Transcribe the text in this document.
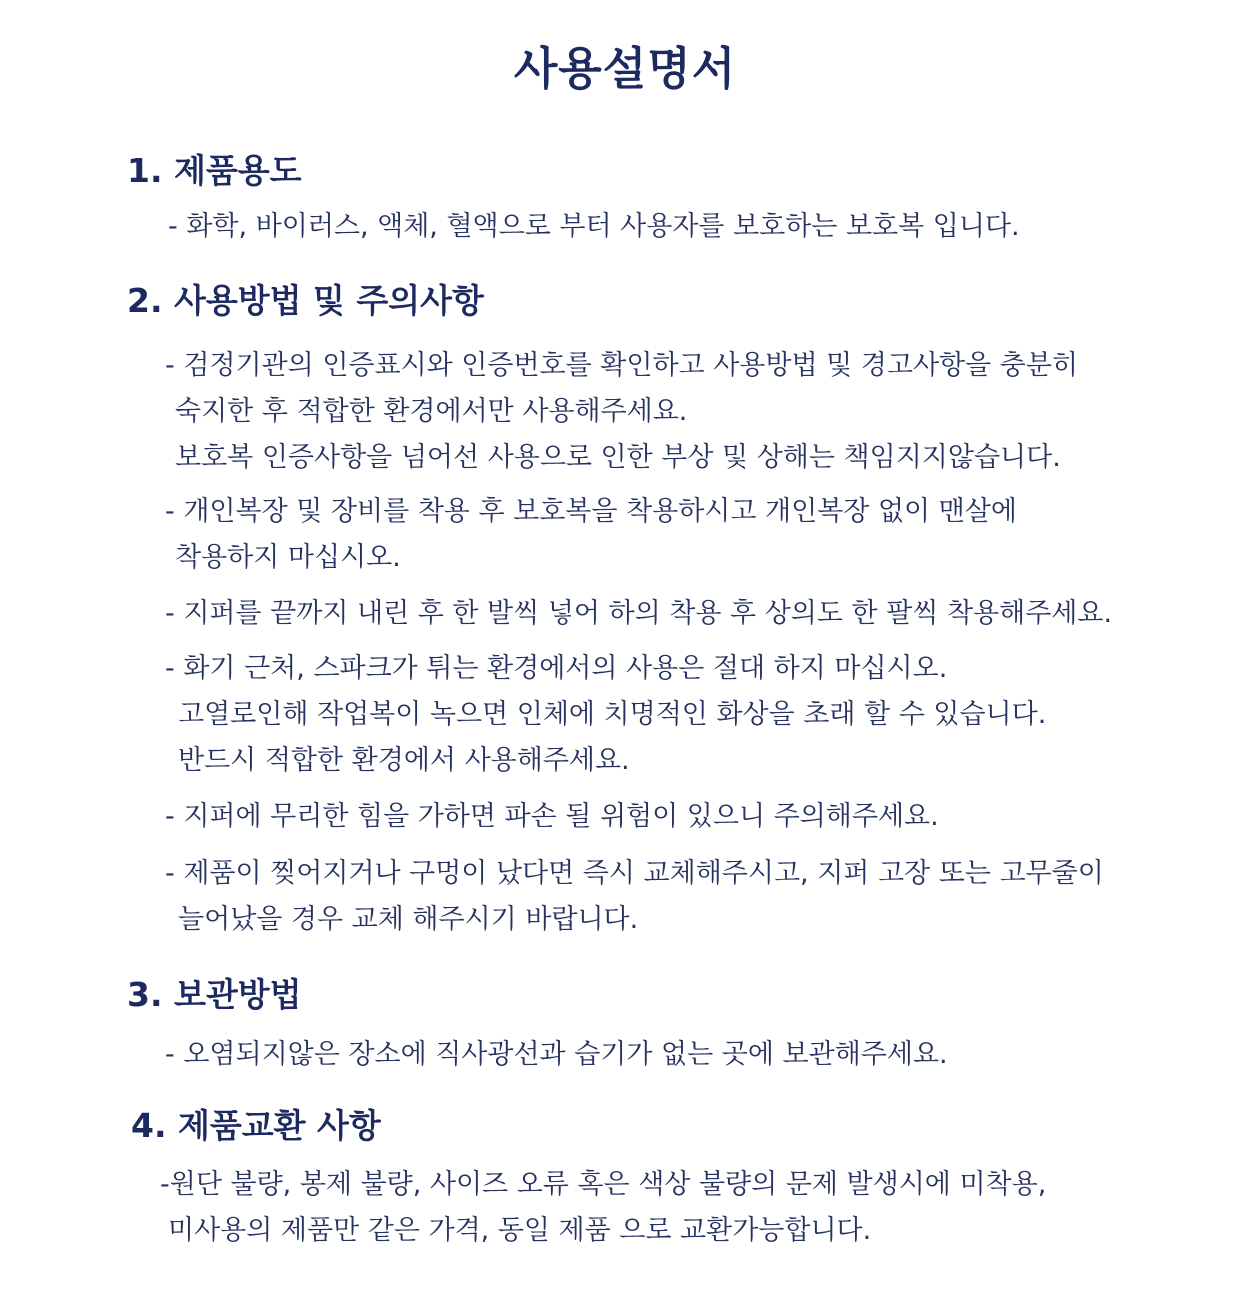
사용설명서
1. 제품용도
- 화학, 바이러스, 액체, 혈액으로 부터 사용자를 보호하는 보호복 입니다.
2. 사용방법 및 주의사항
- 검정기관의 인증표시와 인증번호를 확인하고 사용방법 및 경고사항을 충분히
숙지한 후 적합한 환경에서만 사용해주세요.
보호복 인증사항을 넘어선 사용으로 인한 부상 및 상해는 책임지지않습니다.
- 개인복장 및 장비를 착용 후 보호복을 착용하시고 개인복장 없이 맨살에
착용하지 마십시오.
- 지퍼를 끝까지 내린 후 한 발씩 넣어 하의 착용 후 상의도 한 팔씩 착용해주세요.
- 화기 근처, 스파크가 튀는 환경에서의 사용은 절대 하지 마십시오.
고열로인해 작업복이 녹으면 인체에 치명적인 화상을 초래 할 수 있습니다.
반드시 적합한 환경에서 사용해주세요.
- 지퍼에 무리한 힘을 가하면 파손 될 위험이 있으니 주의해주세요.
- 제품이 찢어지거나 구멍이 났다면 즉시 교체해주시고, 지퍼 고장 또는 고무줄이
늘어났을 경우 교체 해주시기 바랍니다.
3. 보관방법
- 오염되지않은 장소에 직사광선과 습기가 없는 곳에 보관해주세요.
4. 제품교환 사항
-원단 불량, 봉제 불량, 사이즈 오류 혹은 색상 불량의 문제 발생시에 미착용,
미사용의 제품만 같은 가격, 동일 제품 으로 교환가능합니다.
